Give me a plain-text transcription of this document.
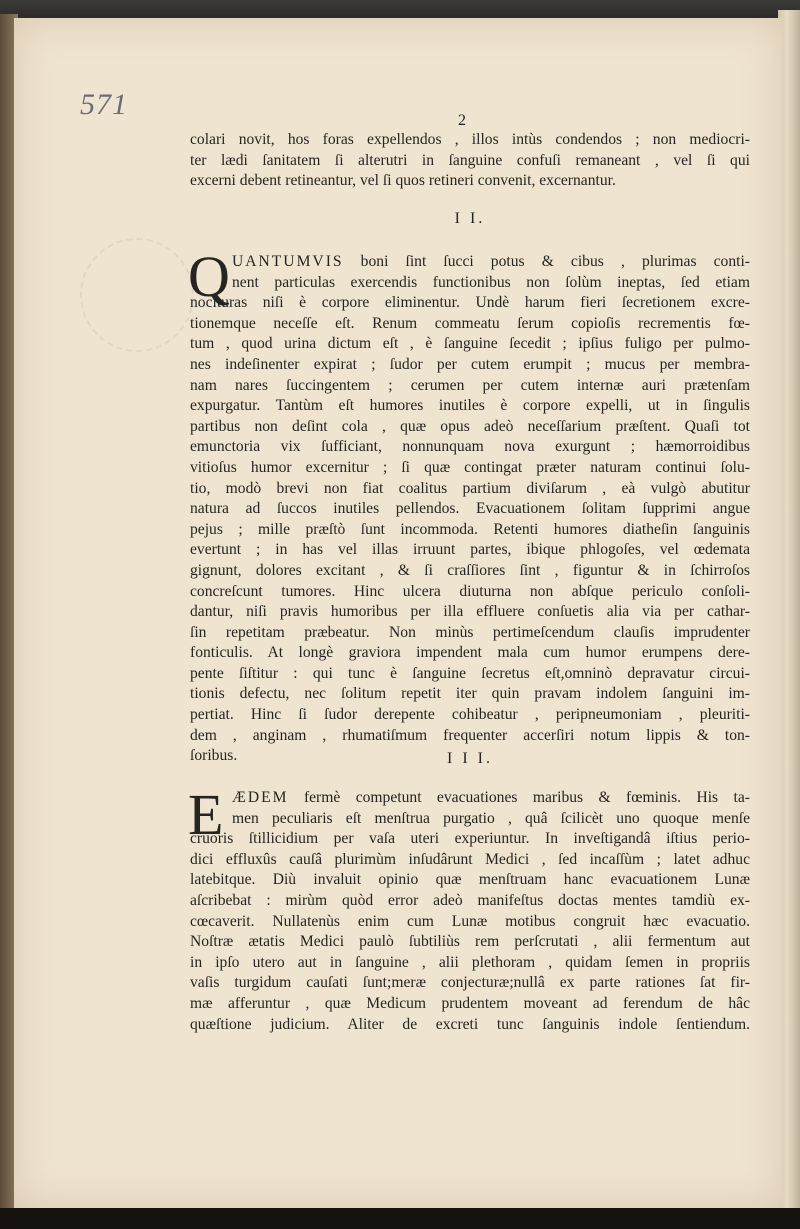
571	2
colari novit, hos foras expellendos , illos intùs condendos ; non mediocri-
ter lædi ſanitatem ſi alterutri in ſanguine confuſi remaneant , vel ſi qui
excerni debent retineantur, vel ſi quos retineri convenit, excernantur.
I I.
Q UANTUMVIS boni ſint ſucci potus & cibus , plurimas conti-
nent particulas exercendis functionibus non ſolùm ineptas, ſed etiam
nocituras niſi è corpore eliminentur. Undè harum fieri ſecretionem excre-
tionemque neceſſe eſt. Renum commeatu ſerum copioſis recrementis fœ-
tum , quod urina dictum eſt , è ſanguine ſecedit ; ipſius fuligo per pulmo-
nes indeſinenter expirat ; ſudor per cutem erumpit ; mucus per membra-
nam nares ſuccingentem ; cerumen per cutem internæ auri prætenſam
expurgatur. Tantùm eſt humores inutiles è corpore expelli, ut in ſingulis
partibus non deſint cola , quæ opus adeò neceſſarium præſtent. Quaſi tot
emunctoria vix ſufficiant, nonnunquam nova exurgunt ; hæmorroidibus
vitioſus humor excernitur ; ſi quæ contingat præter naturam continui ſolu-
tio, modò brevi non fiat coalitus partium diviſarum , eà vulgò abutitur
natura ad ſuccos inutiles pellendos. Evacuationem ſolitam ſupprimi angue
pejus ; mille præſtò ſunt incommoda. Retenti humores diatheſin ſanguinis
evertunt ; in has vel illas irruunt partes, ibique phlogoſes, vel œdemata
gignunt, dolores excitant , & ſi craſſiores ſint , figuntur & in ſchirroſos
concreſcunt tumores. Hinc ulcera diuturna non abſque periculo conſoli-
dantur, niſi pravis humoribus per illa effluere conſuetis alia via per cathar-
ſin repetitam præbeatur. Non minùs pertimeſcendum clauſis imprudenter
fonticulis. At longè graviora impendent mala cum humor erumpens dere-
pente ſiſtitur : qui tunc è ſanguine ſecretus eſt,omninò depravatur circui-
tionis defectu, nec ſolitum repetit iter quin pravam indolem ſanguini im-
pertiat. Hinc ſi ſudor derepente cohibeatur , peripneumoniam , pleuriti-
dem , anginam , rhumatiſmum frequenter accerſiri notum lippis & ton-
ſoribus.	I I I.
E ÆDEM fermè competunt evacuationes maribus & fœminis. His ta-
men peculiaris eſt menſtrua purgatio , quâ ſcilicèt uno quoque menſe
cruoris ſtillicidium per vaſa uteri experiuntur. In inveſtigandâ iſtius perio-
dici effluxûs cauſâ plurimùm inſudârunt Medici , ſed incaſſùm ; latet adhuc
latebitque. Diù invaluit opinio quæ menſtruam hanc evacuationem Lunæ
aſcribebat : mirùm quòd error adeò manifeſtus doctas mentes tamdiù ex-
cœcaverit. Nullatenùs enim cum Lunæ motibus congruit hæc evacuatio.
Noſtræ ætatis Medici paulò ſubtiliùs rem perſcrutati , alii fermentum aut
in ipſo utero aut in ſanguine , alii plethoram , quidam ſemen in propriis
vaſis turgidum cauſati ſunt;meræ conjecturæ;nullâ ex parte rationes ſat fir-
mæ afferuntur , quæ Medicum prudentem moveant ad ferendum de hâc
quæſtione judicium. Aliter de excreti tunc ſanguinis indole ſentiendum.
